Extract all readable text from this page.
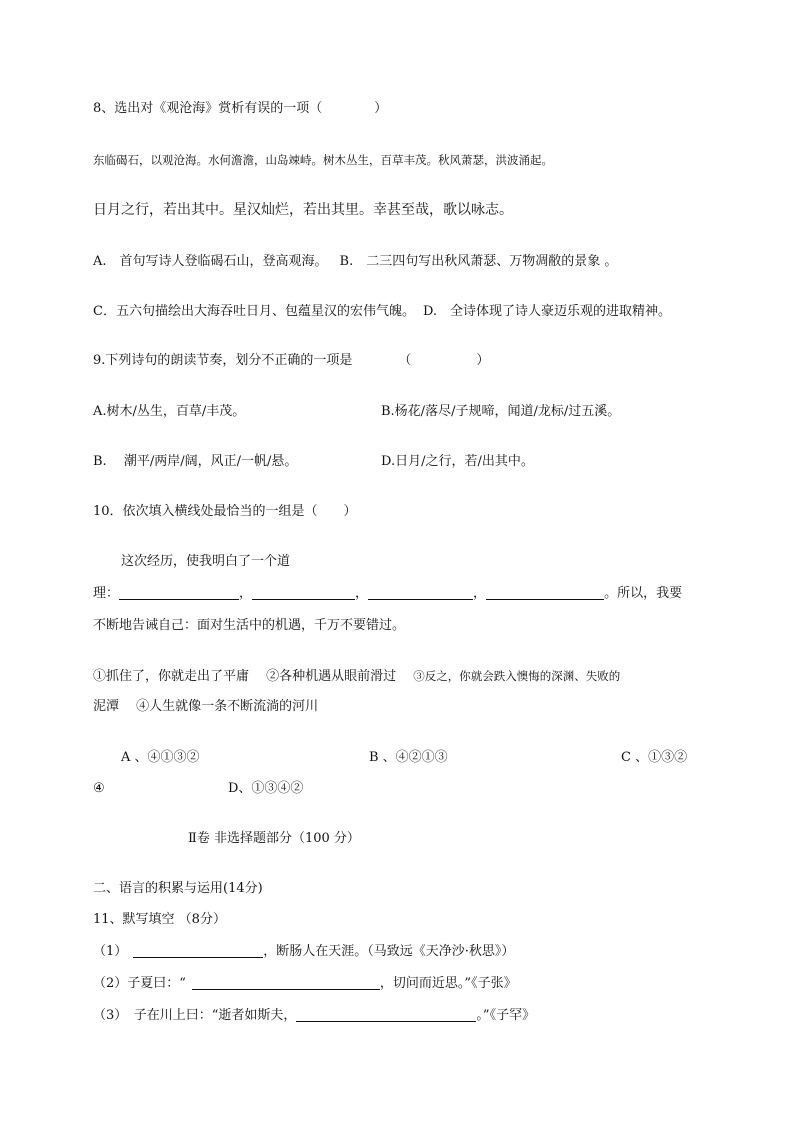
8、选出对《观沧海》赏析有误的一项（　　　　）
东临碣石，以观沧海。水何澹澹，山岛竦峙。树木丛生，百草丰茂。秋风萧瑟，洪波涌起。
日月之行，若出其中。星汉灿烂，若出其里。幸甚至哉，歌以咏志。
A.　首句写诗人登临碣石山，登高观海。 B.　二三四句写出秋风萧瑟、万物凋敝的景象 。
C．五六句描绘出大海吞吐日月、包蕴星汉的宏伟气魄。 D.　全诗体现了诗人豪迈乐观的进取精神。
9.下列诗句的朗读节奏，划分不正确的一项是	（　　　　　）
A.树木/丛生，百草/丰茂。	B.杨花/落尽/子规啼，闻道/龙标/过五溪。
B.　 潮平/两岸/阔，风正/一帆/悬。	D.日月/之行，若/出其中。
10．依次填入横线处最恰当的一组是（　　）
这次经历，使我明白了一个道
理：	，	，	，	。所以，我要
不断地告诫自己：面对生活中的机遇，千万不要错过。
①抓住了，你就走出了平庸　 ②各种机遇从眼前滑过　 ③反之，你就会跌入懊悔的深渊、失败的
泥潭　 ④人生就像一条不断流淌的河川
A 、④①③②	B 、④②①③	C 、①③②
④	D、①③④②
Ⅱ卷 非选择题部分（100 分）
二、语言的积累与运用(14分)
11、默写填空 （8分）
（1）	，断肠人在天涯。（马致远《天净沙·秋思》）
（2）子夏曰：“	，切问而近思。”《子张》
（3）　子在川上曰：“逝者如斯夫，	。”《子罕》
